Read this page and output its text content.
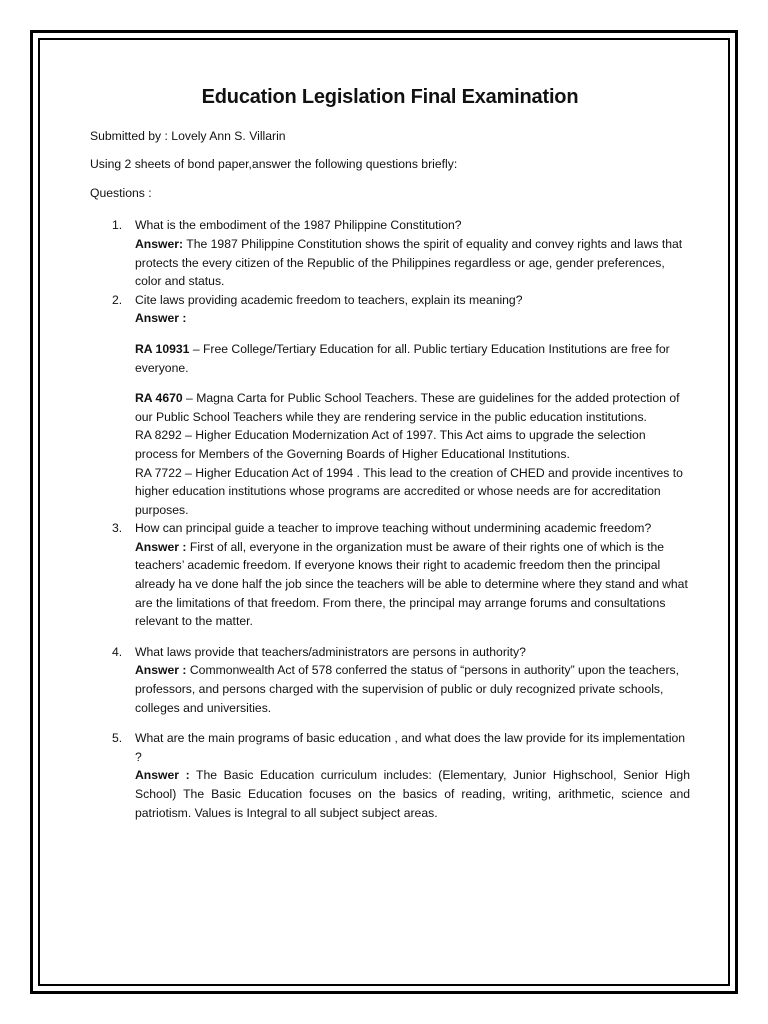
Education Legislation Final Examination

Submitted by : Lovely Ann S. Villarin

Using 2 sheets of bond paper,answer the following questions briefly:

Questions :

1. What is the embodiment of the 1987 Philippine Constitution?
Answer: The 1987 Philippine Constitution shows the spirit of equality and convey rights and laws that protects the every citizen of the Republic of the Philippines regardless or age, gender preferences, color and status.
2. Cite laws providing academic freedom to teachers, explain its meaning?
Answer :
RA 10931 – Free College/Tertiary Education for all. Public tertiary Education Institutions are free for everyone.
RA 4670 – Magna Carta for Public School Teachers. These are guidelines for the added protection of our Public School Teachers while they are rendering service in the public education institutions.
RA 8292 – Higher Education Modernization Act of 1997. This Act aims to upgrade the selection process for Members of the Governing Boards of Higher Educational Institutions.
RA 7722 – Higher Education Act of 1994 . This lead to the creation of CHED and provide incentives to higher education institutions whose programs are accredited or whose needs are for accreditation purposes.
3. How can principal guide a teacher to improve teaching without undermining academic freedom?
Answer : First of all, everyone in the organization must be aware of their rights one of which is the teachers’ academic freedom. If everyone knows their right to academic freedom then the principal already ha ve done half the job since the teachers will be able to determine where they stand and what are the limitations of that freedom. From there, the principal may arrange forums and consultations relevant to the matter.
4. What laws provide that teachers/administrators are persons in authority?
Answer : Commonwealth Act of 578 conferred the status of “persons in authority” upon the teachers, professors, and persons charged with the supervision of public or duly recognized private schools, colleges and universities.
5. What are the main programs of basic education , and what does the law provide for its implementation ?
Answer : The Basic Education curriculum includes: (Elementary, Junior Highschool, Senior High School) The Basic Education focuses on the basics of reading, writing, arithmetic, science and patriotism. Values is Integral to all subject subject areas.
